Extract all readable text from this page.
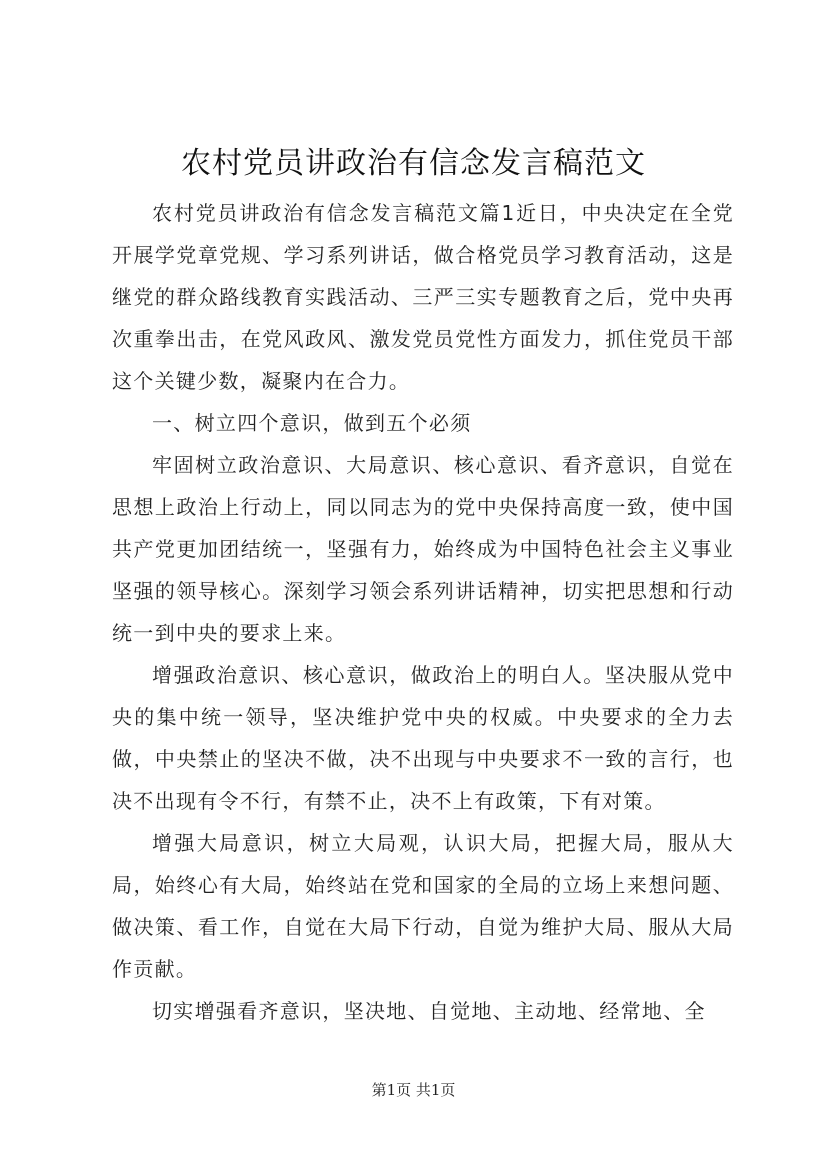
农村党员讲政治有信念发言稿范文

农村党员讲政治有信念发言稿范文篇1近日，中央决定在全党开展学党章党规、学习系列讲话，做合格党员学习教育活动，这是继党的群众路线教育实践活动、三严三实专题教育之后，党中央再次重拳出击，在党风政风、激发党员党性方面发力，抓住党员干部这个关键少数，凝聚内在合力。

一、树立四个意识，做到五个必须

牢固树立政治意识、大局意识、核心意识、看齐意识，自觉在思想上政治上行动上，同以同志为的党中央保持高度一致，使中国共产党更加团结统一，坚强有力，始终成为中国特色社会主义事业坚强的领导核心。深刻学习领会系列讲话精神，切实把思想和行动统一到中央的要求上来。

增强政治意识、核心意识，做政治上的明白人。坚决服从党中央的集中统一领导，坚决维护党中央的权威。中央要求的全力去做，中央禁止的坚决不做，决不出现与中央要求不一致的言行，也决不出现有令不行，有禁不止，决不上有政策，下有对策。

增强大局意识，树立大局观，认识大局，把握大局，服从大局，始终心有大局，始终站在党和国家的全局的立场上来想问题、做决策、看工作，自觉在大局下行动，自觉为维护大局、服从大局作贡献。

切实增强看齐意识，坚决地、自觉地、主动地、经常地、全

第1页 共1页
